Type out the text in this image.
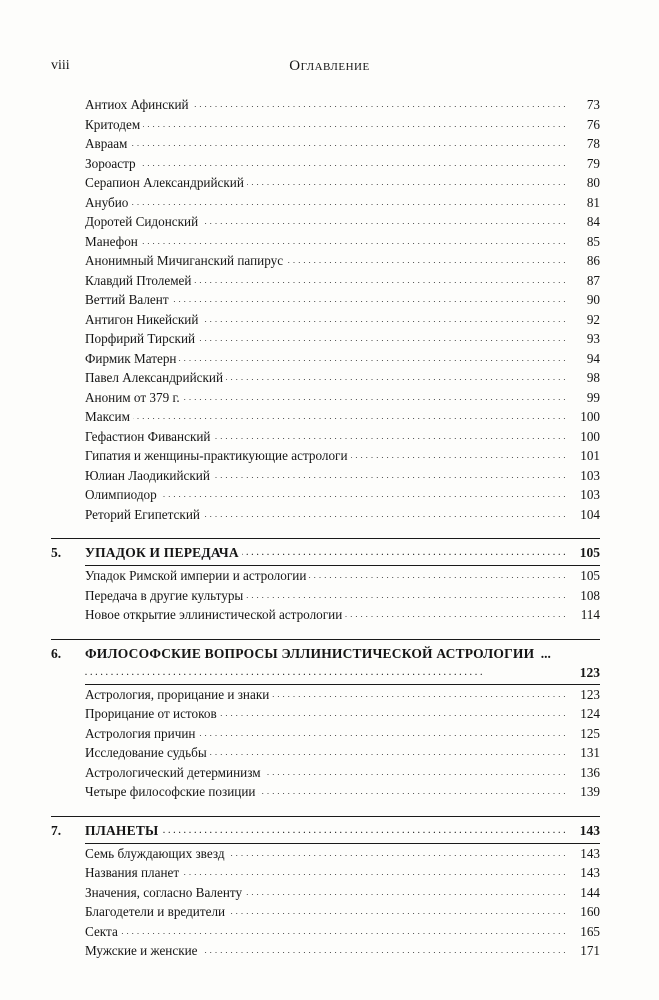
viii	Оглавление
Антиох Афинский	73
. . .
Критодем	76
. . .
Авраам	78
. . .
Зороастр	79
. . .
Серапион Александрийский	80
. . .
Анубио	81
. . .
Доротей Сидонский	84
. . .
Манефон	85
. . .
Анонимный Мичиганский папирус	86
. . .
Клавдий Птолемей	87
. . .
Веттий Валент	90
. . .
Антигон Никейский	92
. . .
Порфирий Тирский	93
. . .
Фирмик Матерн	94
. . .
Павел Александрийский	98
. . .
Аноним от 379 г.	99
. . .
Максим	100
. . .
Гефастион Фиванский	100
. . .
Гипатия и женщины-практикующие астрологи	101
. . .
Юлиан Лаодикийский	103
. . .
Олимпиодор	103
. . .
Реторий Египетский	104
. . .
5. УПАДОК И ПЕРЕДАЧА	105
. . .
Упадок Римской империи и астрологии	105
. . .
Передача в другие культуры	108
. . .
Новое открытие эллинистической астрологии	114
. . .
6. ФИЛОСОФСКИЕ ВОПРОСЫ ЭЛЛИНИСТИЧЕСКОЙ АСТРОЛОГИИ ...
123
. . .
Астрология, прорицание и знаки	123
. . .
Прорицание от истоков	124
. . .
Астрология причин	125
. . .
Исследование судьбы	131
. . .
Астрологический детерминизм	136
. . .
Четыре философские позиции	139
. . .
7. ПЛАНЕТЫ	143
. . .
Семь блуждающих звезд	143
. . .
Названия планет	143
. . .
Значения, согласно Валенту	144
. . .
Благодетели и вредители	160
. . .
Секта	165
. . .
Мужские и женские	171
. . .
